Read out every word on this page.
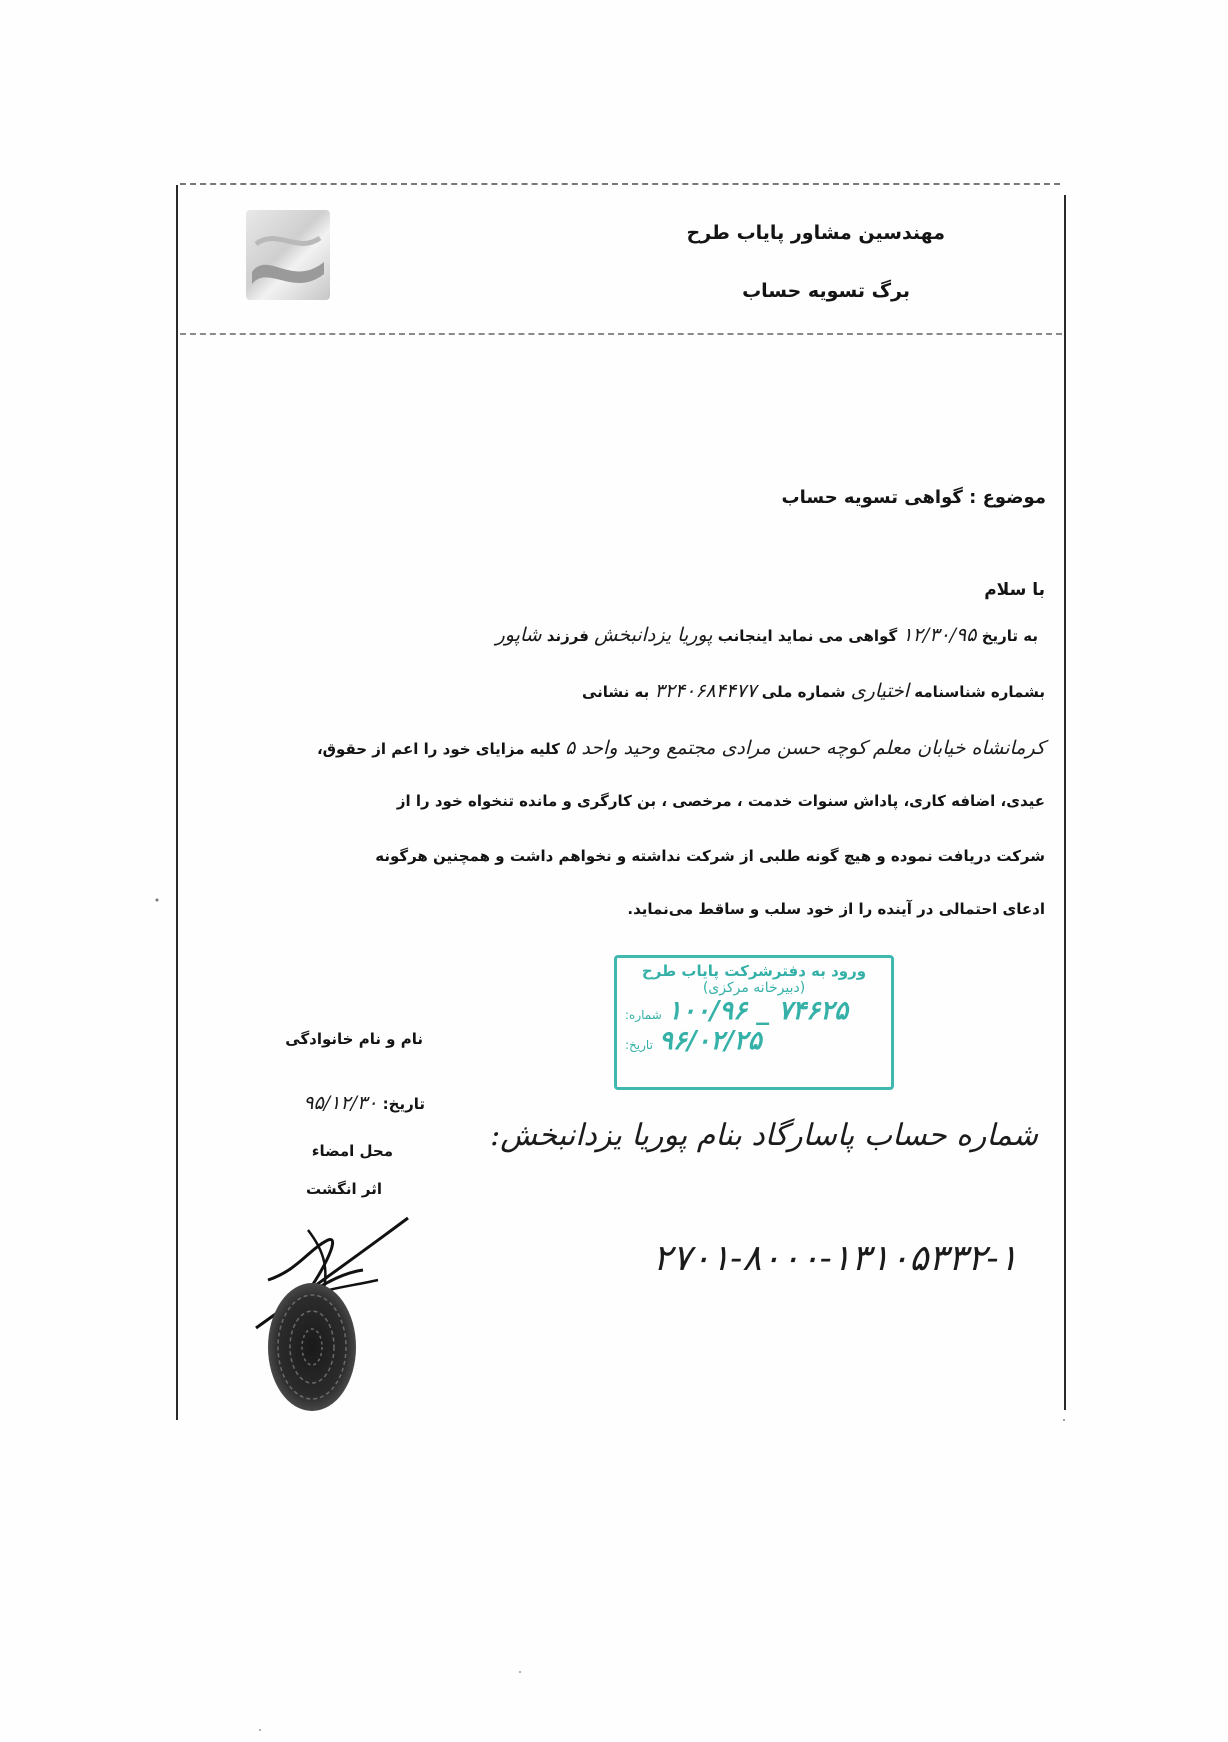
مهندسین مشاور پایاب طرح
برگ تسویه حساب
موضوع : گواهی تسویه حساب
با سلام
به تاریخ ۱۲/۳۰/۹۵ گواهی می نماید اینجانب پوریا یزدانبخش فرزند شاپور
بشماره شناسنامه اختیاری شماره ملی ۳۲۴۰۶۸۴۴۷۷ به نشانی
کرمانشاه خیابان معلم کوچه حسن مرادی مجتمع وحید واحد ۵ کلیه مزایای خود را اعم از حقوق،
عیدی، اضافه کاری، پاداش سنوات خدمت ، مرخصی ، بن کارگری و مانده تنخواه خود را از
شرکت دریافت نموده و هیچ گونه طلبی از شرکت نداشته و نخواهم داشت و همچنین هرگونه
ادعای احتمالی در آینده را از خود سلب و ساقط می‌نماید.
ورود به دفترشرکت پایاب طرح
(دبیرخانه مرکزی)
شماره: ۷۴۶۲۵ _ ۱۰۰/۹۶
تاریخ: ۹۶/۰۲/۲۵
نام و نام خانوادگی
تاریخ: ۹۵/۱۲/۳۰
محل امضاء
اثر انگشت
شماره حساب پاسارگاد بنام پوریا یزدانبخش:
۲۷۰۱-۸۰۰۰-۱۳۱۰۵۳۳۲-۱
